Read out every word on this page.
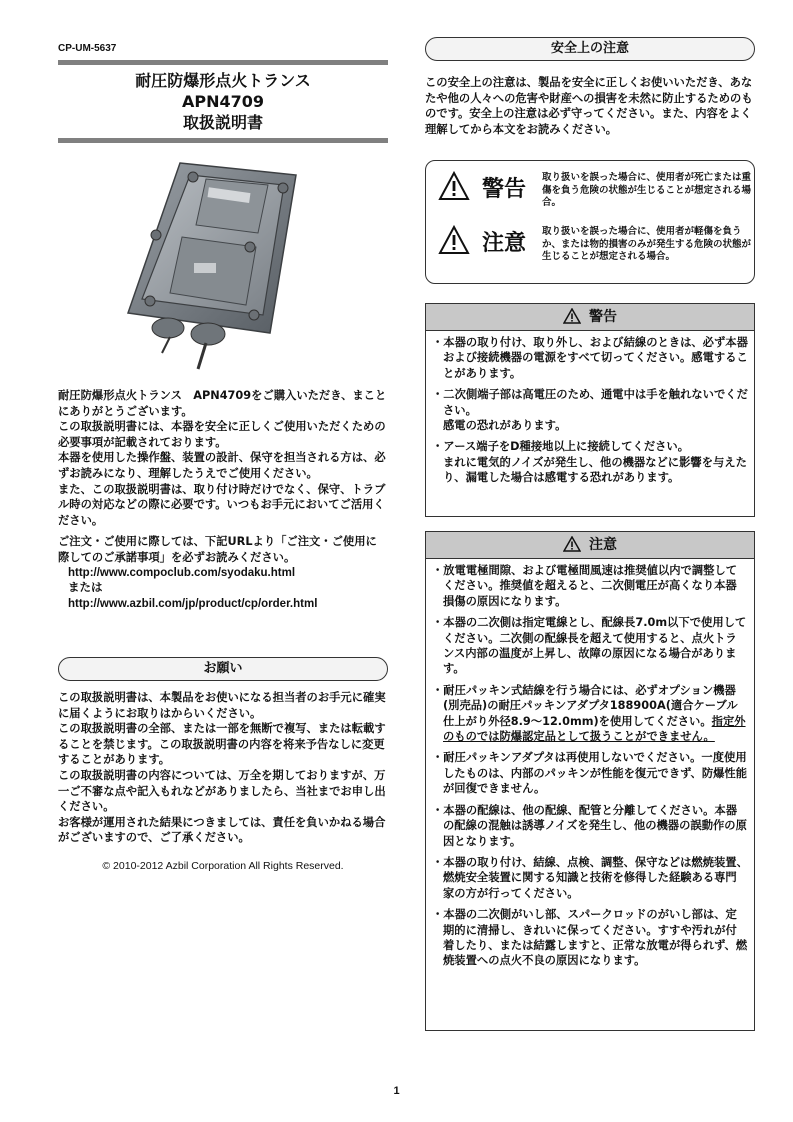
CP-UM-5637
耐圧防爆形点火トランス
APN4709
取扱説明書

耐圧防爆形点火トランス　APN4709をご購入いただき、まことにありがとうございます。

この取扱説明書には、本器を安全に正しくご使用いただくための必要事項が記載されております。

本器を使用した操作盤、装置の設計、保守を担当される方は、必ずお読みになり、理解したうえでご使用ください。

また、この取扱説明書は、取り付け時だけでなく、保守、トラブル時の対応などの際に必要です。いつもお手元においてご活用ください。

ご注文・ご使用に際しては、下記URLより「ご注文・ご使用に際してのご承諾事項」を必ずお読みください。

http://www.compoclub.com/syodaku.html
または
http://www.azbil.com/jp/product/cp/order.html
お願い

この取扱説明書は、本製品をお使いになる担当者のお手元に確実に届くようにお取りはからいください。

この取扱説明書の全部、または一部を無断で複写、または転載することを禁じます。この取扱説明書の内容を将来予告なしに変更することがあります。

この取扱説明書の内容については、万全を期しておりますが、万一ご不審な点や記入もれなどがありましたら、当社までお申し出ください。

お客様が運用された結果につきましては、責任を負いかねる場合がございますので、ご了承ください。

© 2010-2012 Azbil Corporation All Rights Reserved.
安全上の注意
この安全上の注意は、製品を安全に正しくお使いいただき、あなたや他の人々への危害や財産への損害を未然に防止するためのものです。安全上の注意は必ず守ってください。また、内容をよく理解してから本文をお読みください。
警告 取り扱いを誤った場合に、使用者が死亡または重傷を負う危険の状態が生じることが想定される場合。
注意 取り扱いを誤った場合に、使用者が軽傷を負うか、または物的損害のみが発生する危険の状態が生じることが想定される場合。
警告
・本器の取り付け、取り外し、および結線のときは、必ず本器および接続機器の電源をすべて切ってください。感電することがあります。
・二次側端子部は高電圧のため、通電中は手を触れないでください。
感電の恐れがあります。
・アース端子をD種接地以上に接続してください。
まれに電気的ノイズが発生し、他の機器などに影響を与えたり、漏電した場合は感電する恐れがあります。
注意
・放電電極間隙、および電極間風速は推奨値以内で調整してください。推奨値を超えると、二次側電圧が高くなり本器損傷の原因になります。
・本器の二次側は指定電線とし、配線長7.0m以下で使用してください。二次側の配線長を超えて使用すると、点火トランス内部の温度が上昇し、故障の原因になる場合があります。
・耐圧パッキン式結線を行う場合には、必ずオプション機器(別売品)の耐圧パッキンアダプタ188900A(適合ケーブル仕上がり外径8.9～12.0mm)を使用してください。指定外のものでは防爆認定品として扱うことができません。
・耐圧パッキンアダプタは再使用しないでください。一度使用したものは、内部のパッキンが性能を復元できず、防爆性能が回復できません。
・本器の配線は、他の配線、配管と分離してください。本器の配線の混触は誘導ノイズを発生し、他の機器の誤動作の原因となります。
・本器の取り付け、結線、点検、調整、保守などは燃焼装置、燃焼安全装置に関する知識と技術を修得した経験ある専門家の方が行ってください。
・本器の二次側がいし部、スパークロッドのがいし部は、定期的に清掃し、きれいに保ってください。すすや汚れが付着したり、または結露しますと、正常な放電が得られず、燃焼装置への点火不良の原因になります。
1
